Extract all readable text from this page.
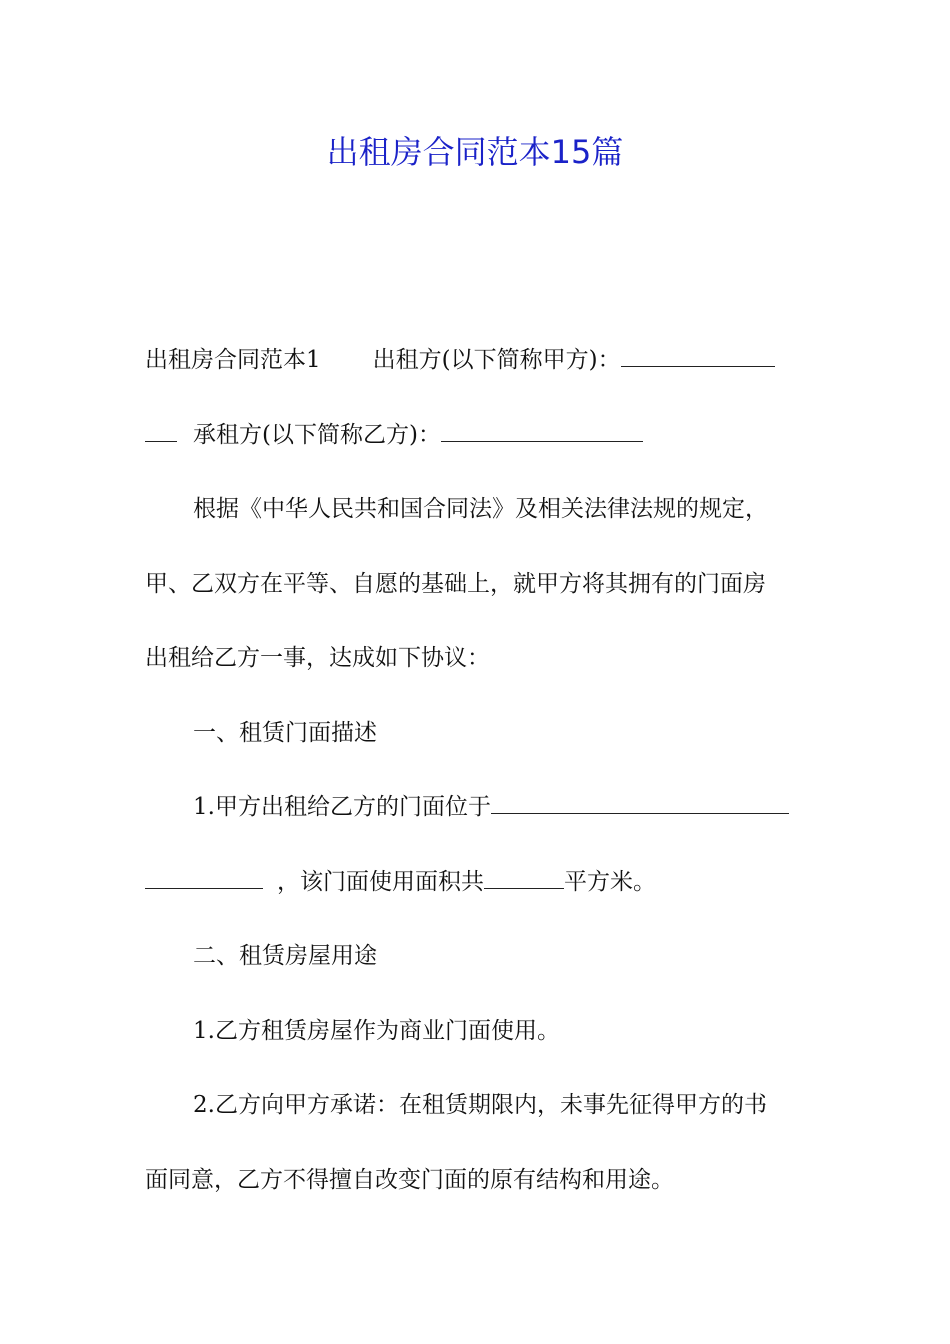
出租房合同范本15篇
出租房合同范本1 出租方(以下简称甲方)：
承租方(以下简称乙方)：
根据《中华人民共和国合同法》及相关法律法规的规定，
甲、乙双方在平等、自愿的基础上，就甲方将其拥有的门面房
出租给乙方一事，达成如下协议：
一、租赁门面描述
1.甲方出租给乙方的门面位于
，该门面使用面积共	平方米。
二、租赁房屋用途
1.乙方租赁房屋作为商业门面使用。
2.乙方向甲方承诺：在租赁期限内，未事先征得甲方的书
面同意，乙方不得擅自改变门面的原有结构和用途。
